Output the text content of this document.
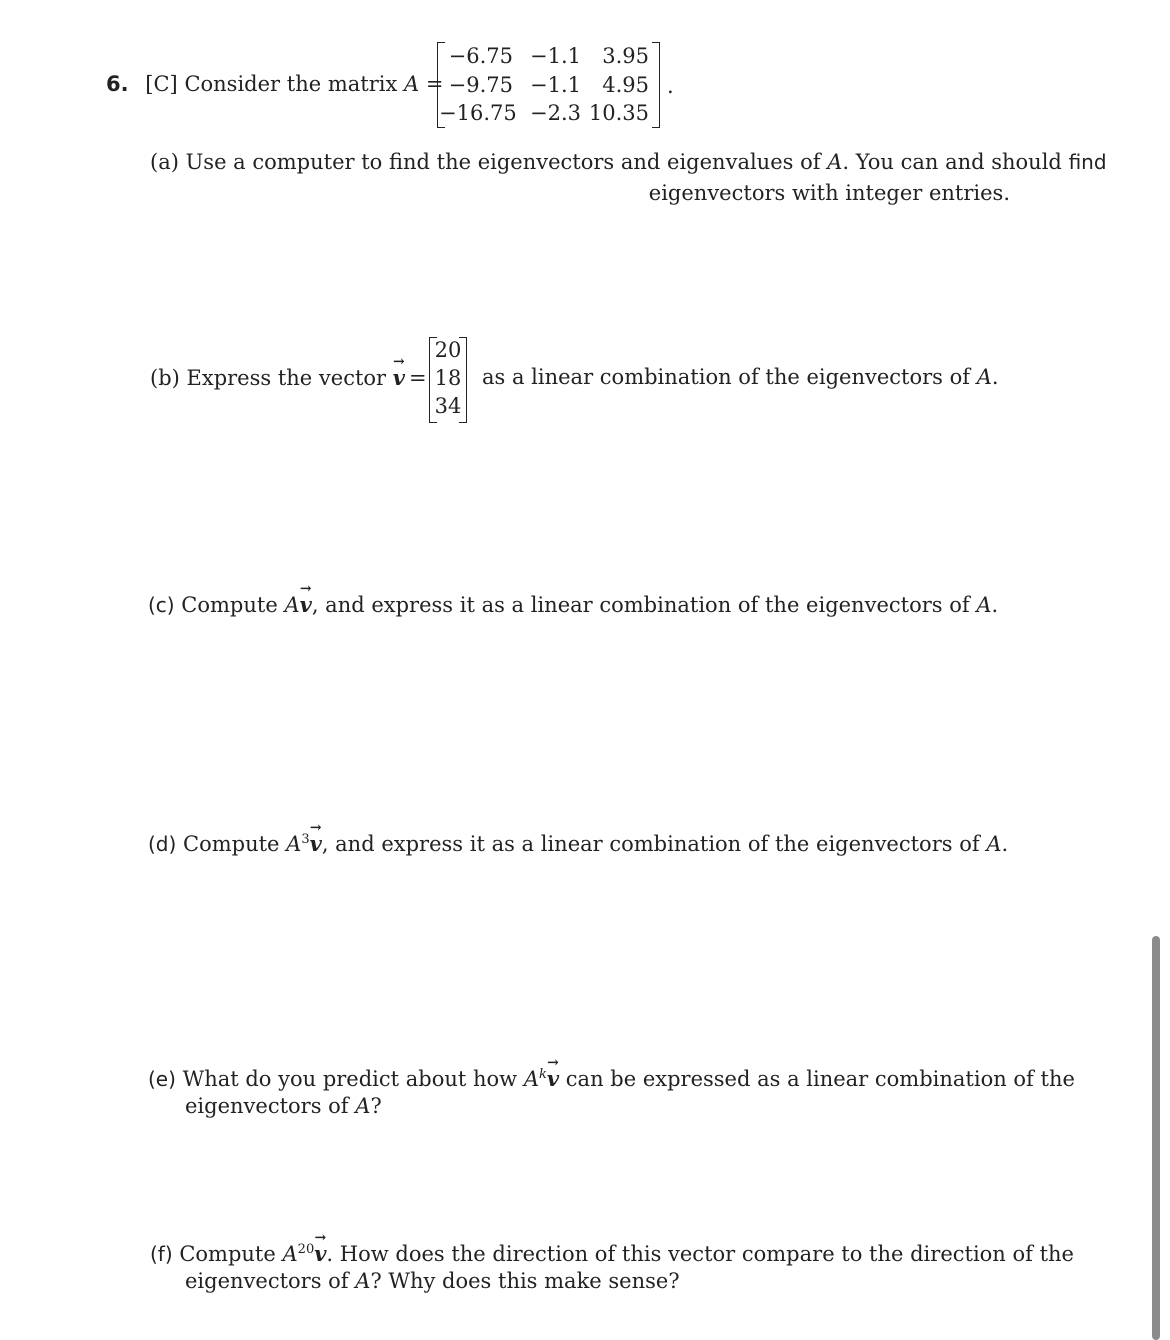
6. [C] Consider the matrix A =
−6.75 −1.1	3.95
−9.75 −1.1	4.95
−16.75 −2.3 10.35
.
(a) Use a computer to find the eigenvectors and eigenvalues of A. You can and should find
eigenvectors with integer entries.
(b) Express the vector v → =
20
18
34
as a linear combination of the eigenvectors of A.
(c) Compute Av →, and express it as a linear combination of the eigenvectors of A.
(d) Compute $A^3v$ →, and express it as a linear combination of the eigenvectors of A.
(e) What do you predict about how $A^kv$ → can be expressed as a linear combination of the
eigenvectors of A?
(f) Compute $A^{20}v$ →. How does the direction of this vector compare to the direction of the
eigenvectors of A? Why does this make sense?
